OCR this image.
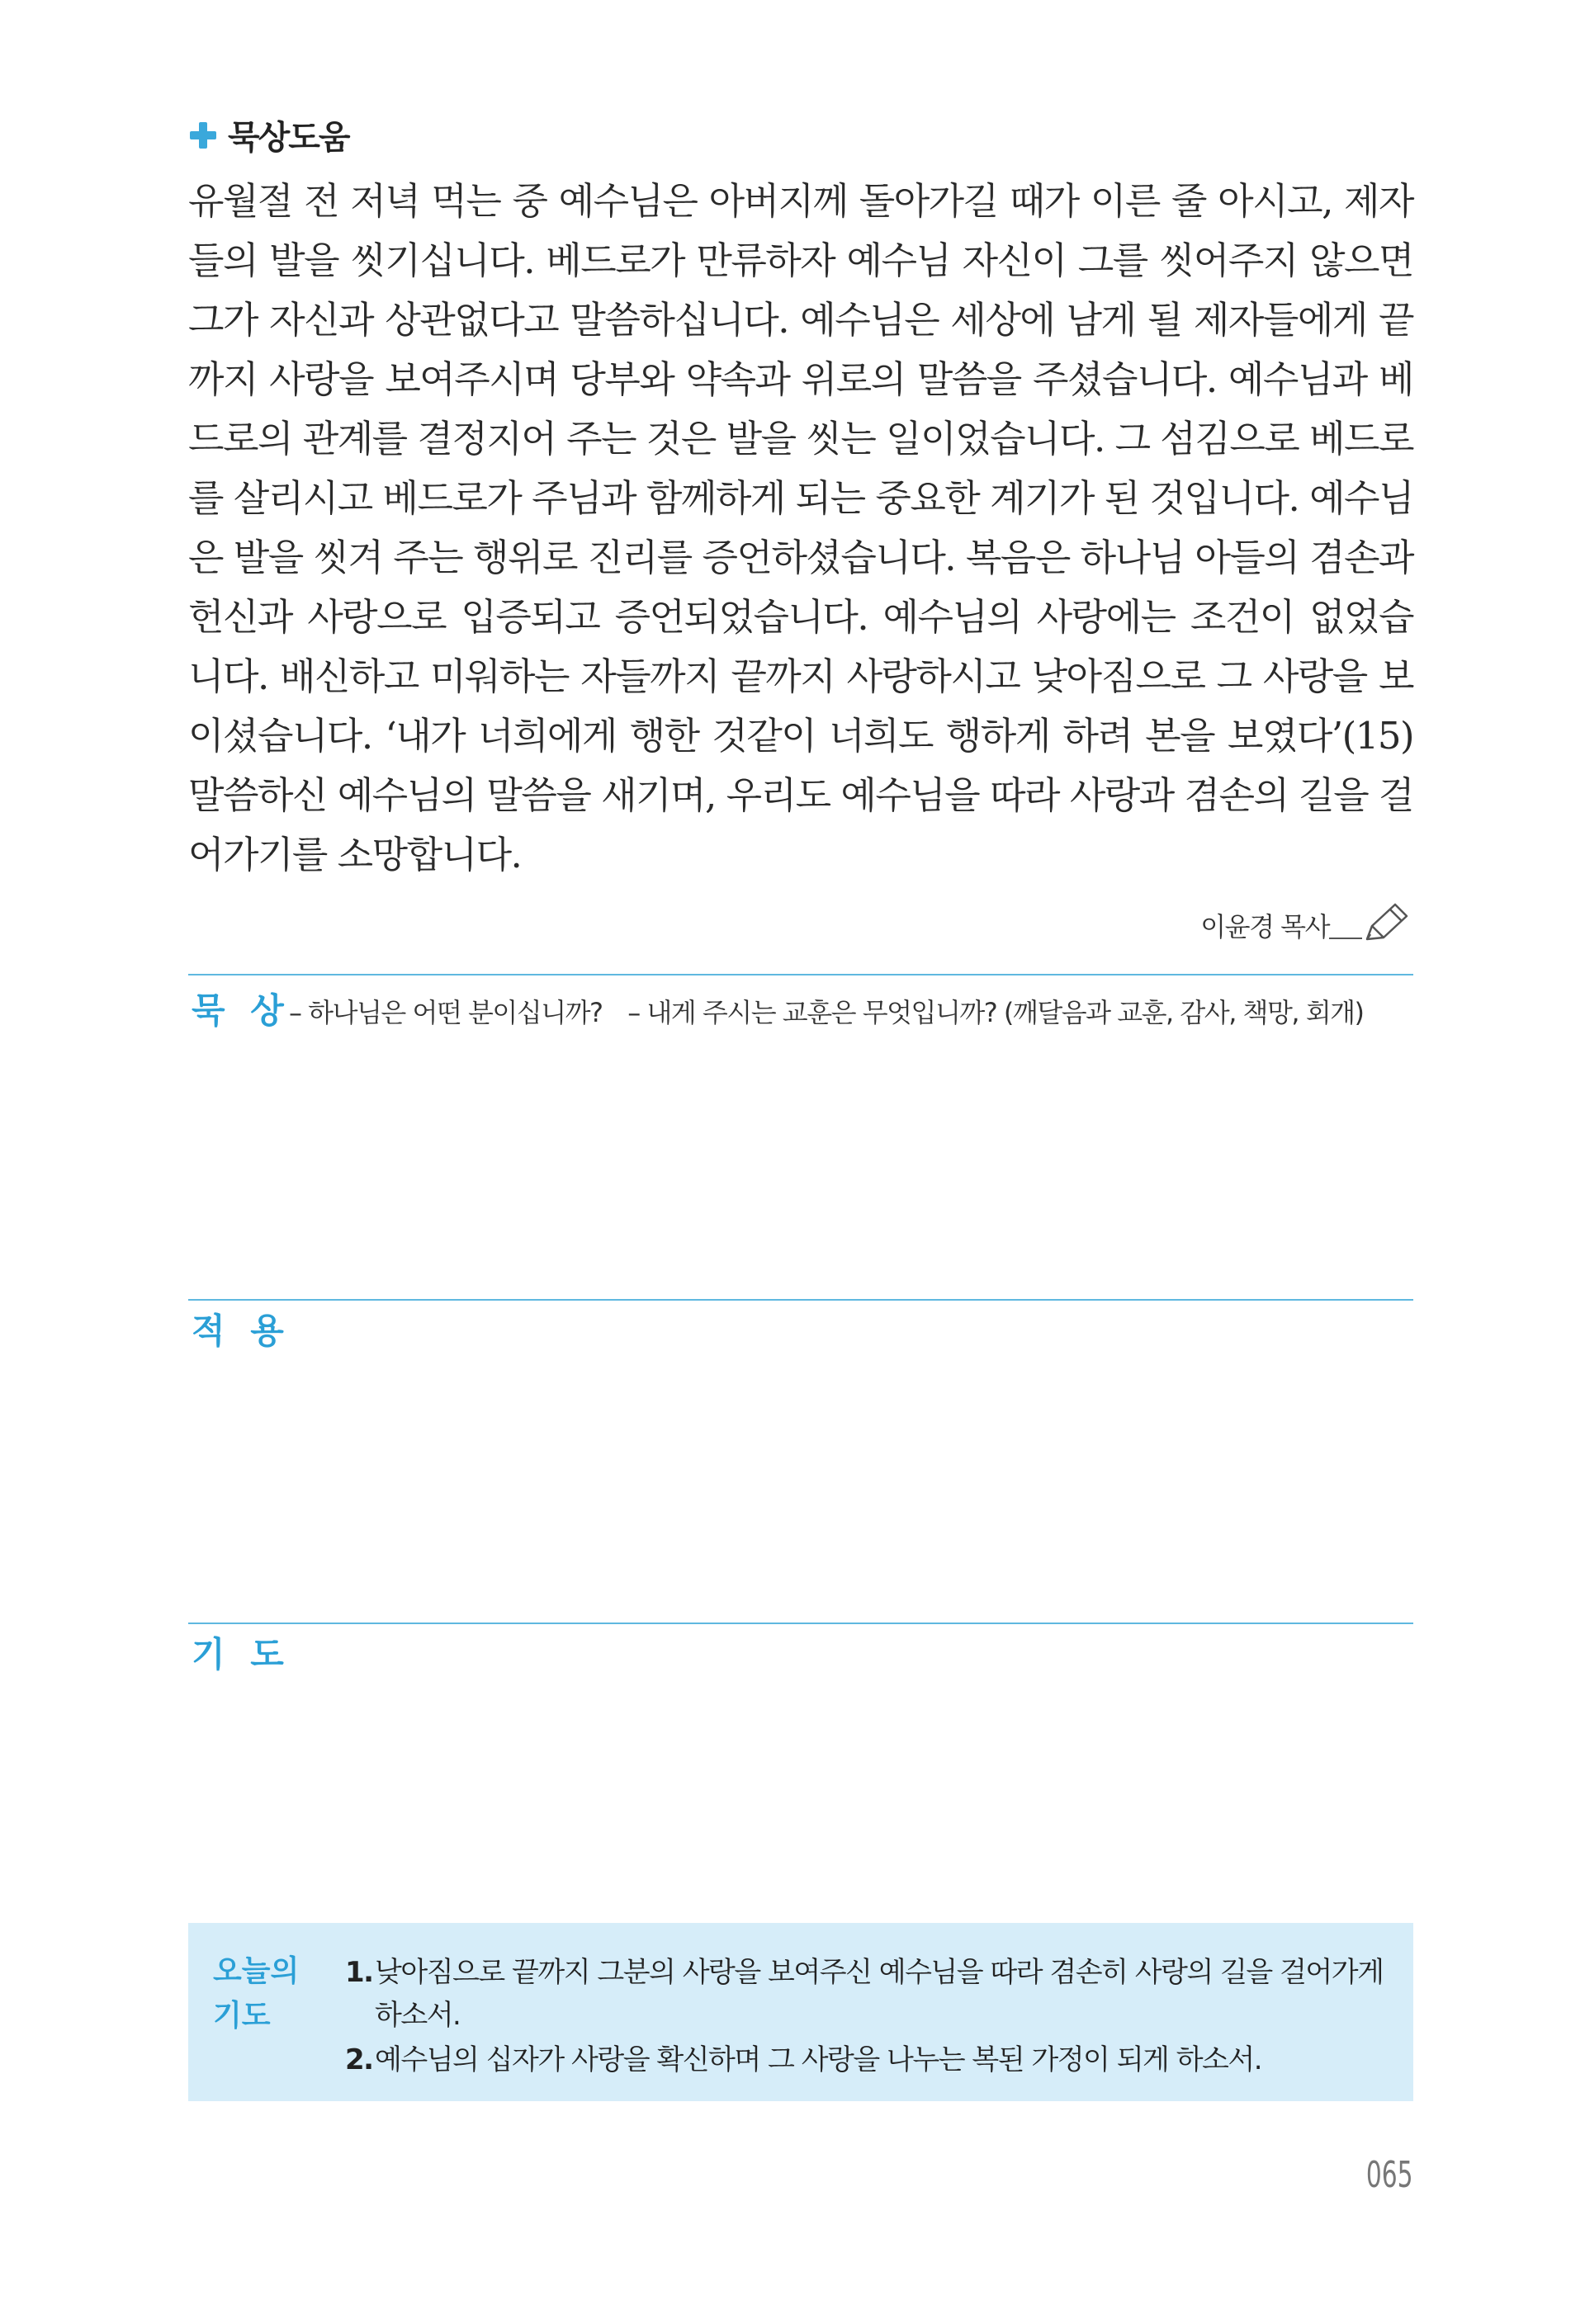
묵상도움
유월절 전 저녁 먹는 중 예수님은 아버지께 돌아가길 때가 이른 줄 아시고, 제자들의 발을 씻기십니다. 베드로가 만류하자 예수님 자신이 그를 씻어주지 않으면 그가 자신과 상관없다고 말씀하십니다. 예수님은 세상에 남게 될 제자들에게 끝까지 사랑을 보여주시며 당부와 약속과 위로의 말씀을 주셨습니다. 예수님과 베드로의 관계를 결정지어 주는 것은 발을 씻는 일이었습니다. 그 섬김으로 베드로를 살리시고 베드로가 주님과 함께하게 되는 중요한 계기가 된 것입니다. 예수님은 발을 씻겨 주는 행위로 진리를 증언하셨습니다. 복음은 하나님 아들의 겸손과 헌신과 사랑으로 입증되고 증언되었습니다. 예수님의 사랑에는 조건이 없었습니다. 배신하고 미워하는 자들까지 끝까지 사랑하시고 낮아짐으로 그 사랑을 보이셨습니다. ‘내가 너희에게 행한 것같이 너희도 행하게 하려 본을 보였다’(15) 말씀하신 예수님의 말씀을 새기며, 우리도 예수님을 따라 사랑과 겸손의 길을 걸어가기를 소망합니다.
이윤경 목사
묵 상
– 하나님은 어떤 분이십니까? – 내게 주시는 교훈은 무엇입니까? (깨달음과 교훈, 감사, 책망, 회개)
적 용
기 도
오늘의
기도
1. 낮아짐으로 끝까지 그분의 사랑을 보여주신 예수님을 따라 겸손히 사랑의 길을 걸어가게 하소서.
2. 예수님의 십자가 사랑을 확신하며 그 사랑을 나누는 복된 가정이 되게 하소서.
065
